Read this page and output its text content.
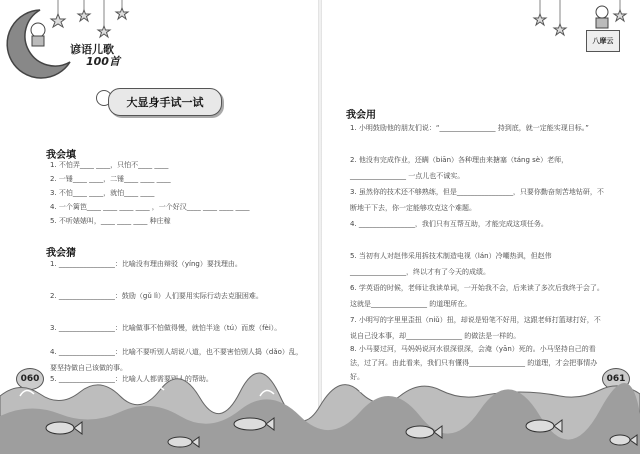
谚语儿歌
100首
大显身手试一试
我会填
1. 不怕弄____ ____，只怕不____ ____
2. 一锤____ ____，二锤____ ____ ____
3. 不怕____ ____，就怕____ ____
4. 一个篱笆____ ____ ____ ____ ，一个好汉____ ____ ____ ____
5. 不听婊婊叫，____ ____ ____ 种庄稼
我会猜
1. ________________：比喻没有理由辩驳（yíng）要找理由。
2. ________________：鼓励（gǔ lì）人们要用实际行动去克服困难。
3. ________________：比喻做事不怕做得慢，就怕半途（tú）而废（fèi）。
4. ________________：比喻不要听别人胡说八道，也不要害怕别人捣（dǎo）乱，要坚持做自己该做的事。
5. ________________：比喻人人都需要别人的帮助。
060
八摩云
我会用
1. 小明鼓励他的朋友们说：“________________ 持到底，就一定能实现目标。”
2. 他没有完成作业，还瞒（biān）各种理由来搪塞（táng sè）老师，________________ 一点儿也不诚实。
3. 虽然你的技术还不够熟练，但是________________，只要你勤奋刻苦地钻研，不断地干下去，你一定能够攻克这个难题。
4. ________________，我们只有互帮互助，才能完成这项任务。
5. 当初有人对赵伟采用拆技术制造电视（lán）冷嘲热讽，但赵伟________________，终以才有了今天的成绩。
6. 学英语的时候，老师让我读单词，一开始我不会，后来读了多次后我终于会了。这就是________________ 的道理所在。
7. 小明写的字里里歪扭（niǔ）扭，却说是铅笔不好用，这跟老师打篮球打好，不说自己没本事，却________________ 的做法是一样的。
8. 小马要过河，马妈妈说河水很深很深，会淹（yān）死的。小马坚持自己的看法，过了河。由此看来，我们只有懂得________________ 的道理，才会把事情办好。	061
